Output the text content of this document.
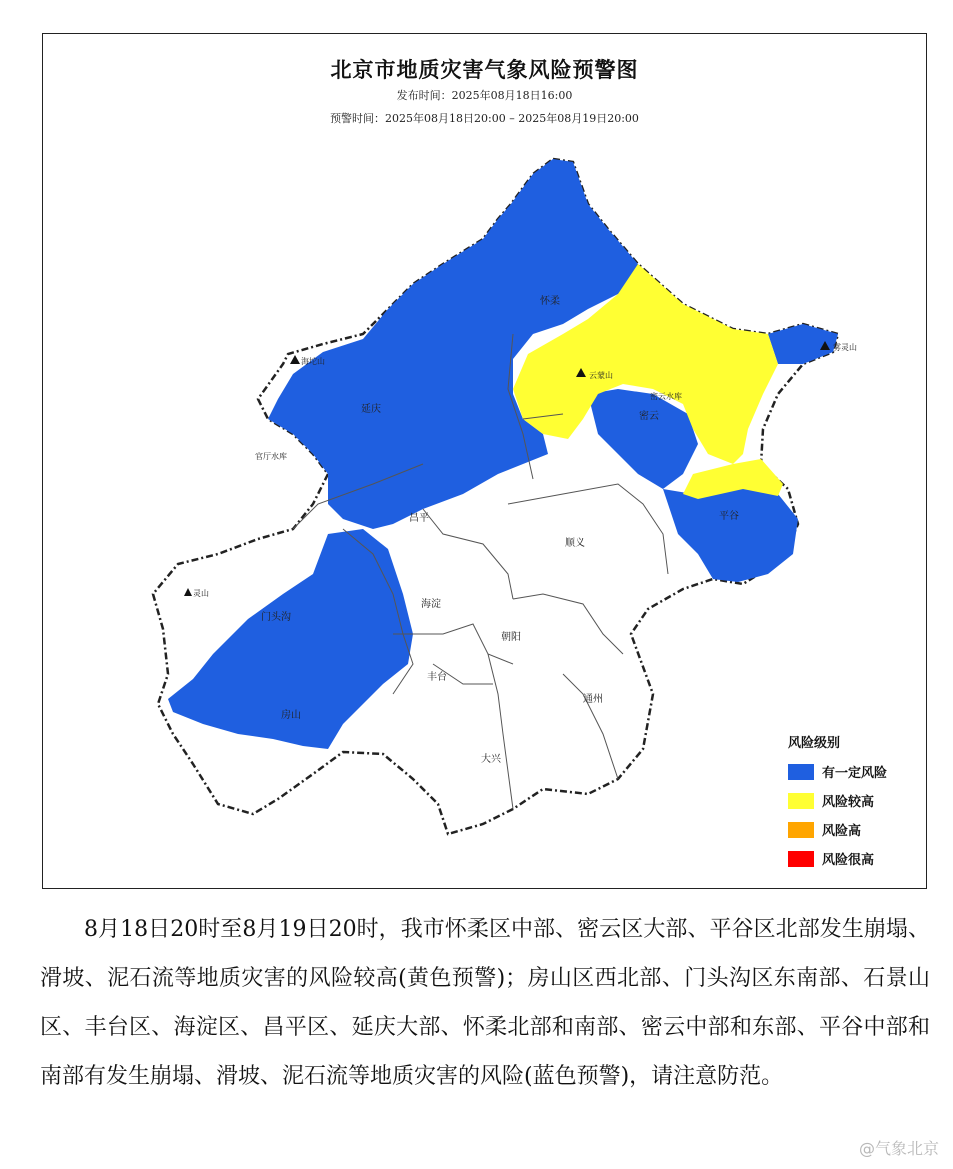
怀柔
延庆
密云
平谷
昌平
顺义
门头沟
海淀
朝阳
丰台
通州
房山
大兴
云蒙山
雾灵山
海坨山
灵山
官厅水库
密云水库
北京市地质灾害气象风险预警图
发布时间：2025年08月18日16:00
预警时间：2025年08月18日20:00 – 2025年08月19日20:00
风险级别
有一定风险
风险较高
风险高
风险很高
8月18日20时至8月19日20时，我市怀柔区中部、密云区大部、平谷区北部发生崩塌、滑坡、泥石流等地质灾害的风险较高(黄色预警)；房山区西北部、门头沟区东南部、石景山区、丰台区、海淀区、昌平区、延庆大部、怀柔北部和南部、密云中部和东部、平谷中部和南部有发生崩塌、滑坡、泥石流等地质灾害的风险(蓝色预警)，请注意防范。
@气象北京
